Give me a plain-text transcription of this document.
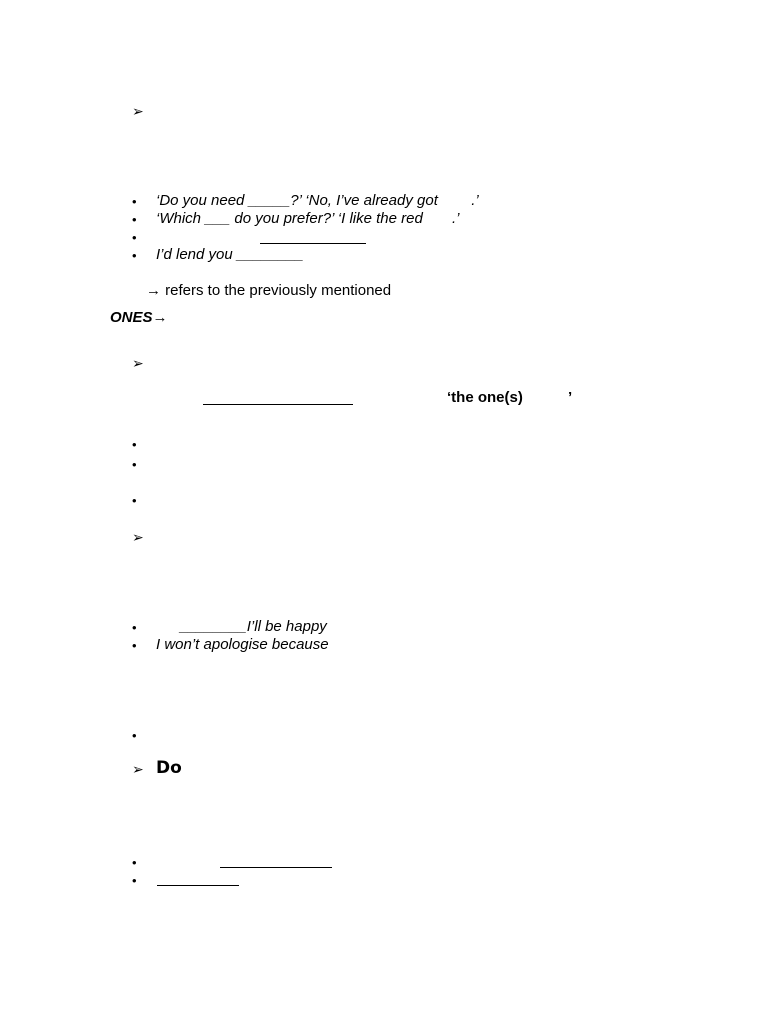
➢
• ‘Do you need _____?’ ‘No, I’ve already got        .’
• ‘Which ___ do you prefer?’ ‘I like the red       .’
•
• I’d lend you ________
→ refers to the previously mentioned
ONES→
➢
‘the one(s)	’
•
•
•
➢
•	________I’ll be happy
• I won’t apologise because
•
➢ Do
•
•
